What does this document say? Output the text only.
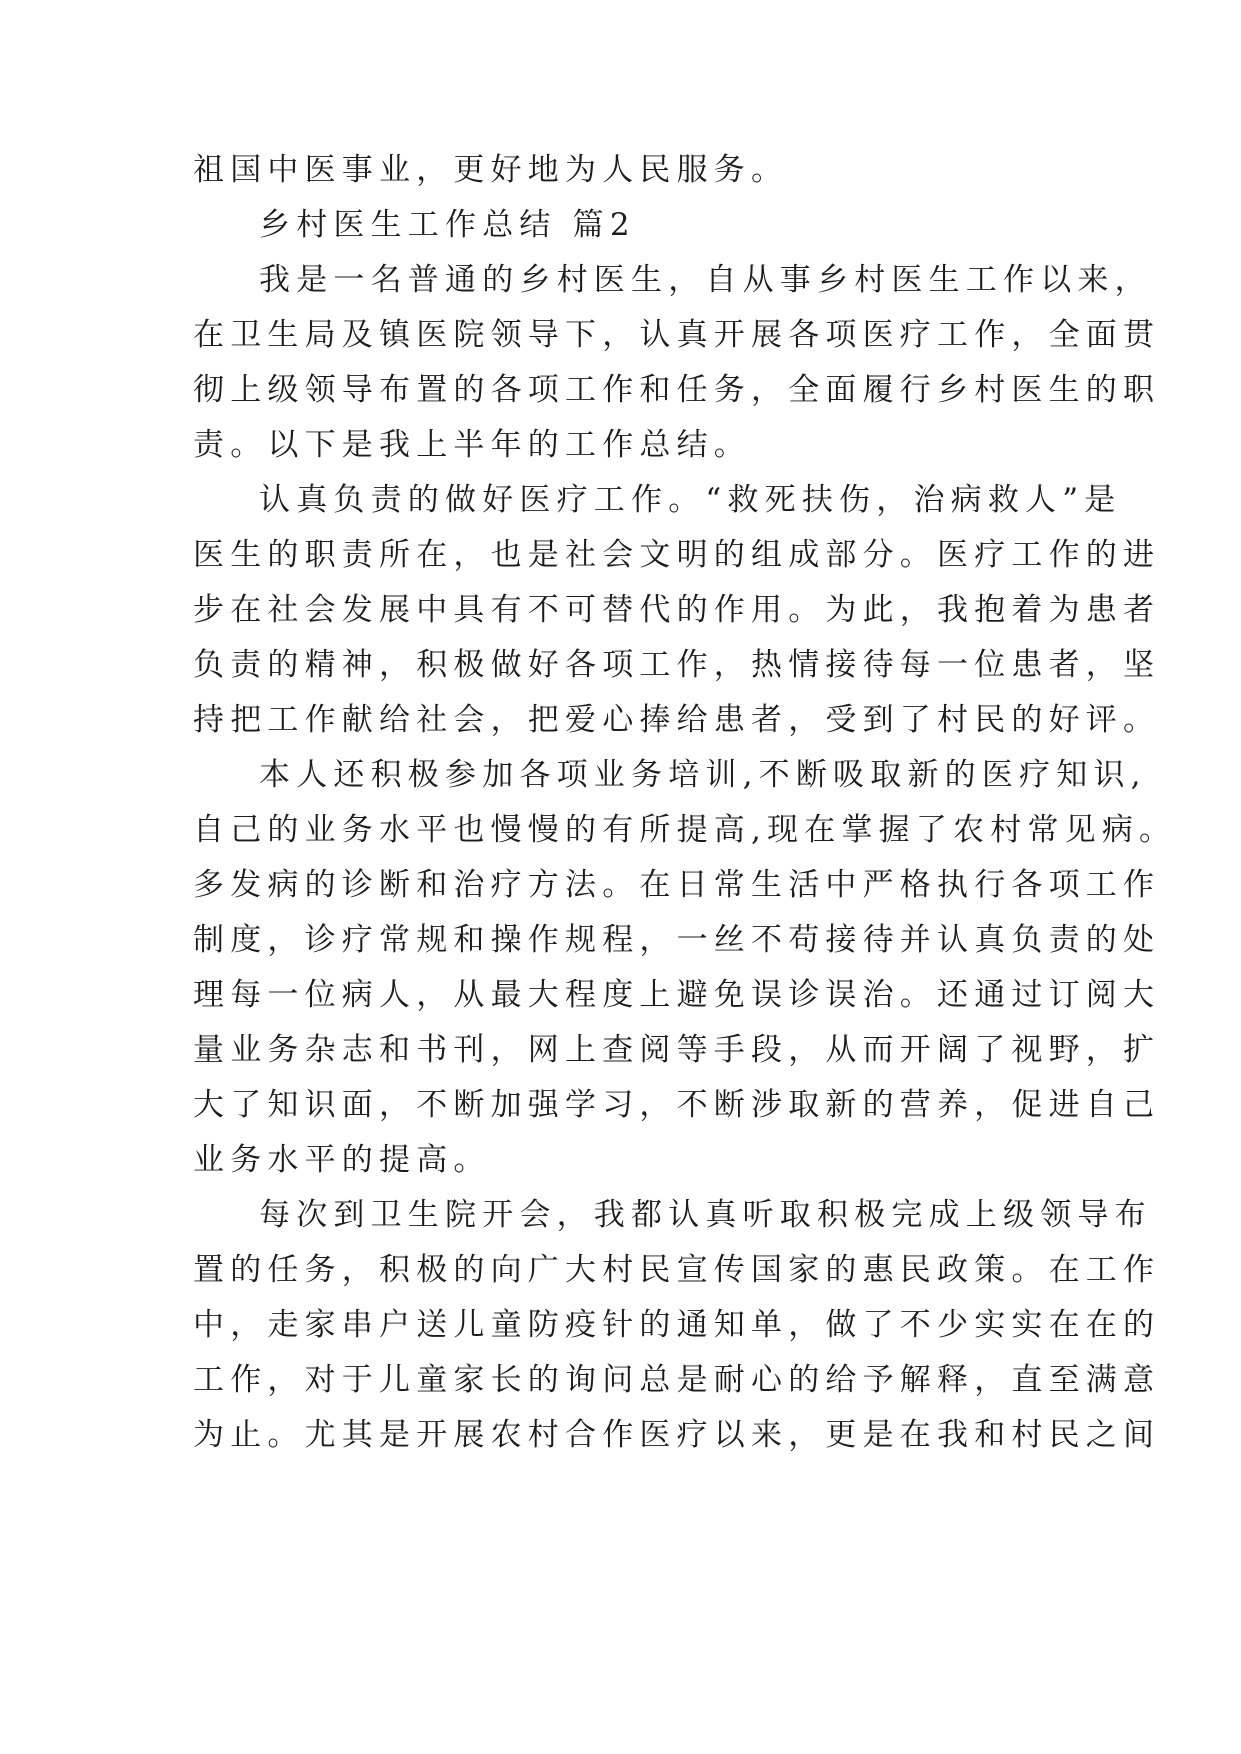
祖国中医事业，更好地为人民服务。
乡村医生工作总结 篇2
我是一名普通的乡村医生，自从事乡村医生工作以来，
在卫生局及镇医院领导下，认真开展各项医疗工作，全面贯
彻上级领导布置的各项工作和任务，全面履行乡村医生的职
责。以下是我上半年的工作总结。
认真负责的做好医疗工作。“救死扶伤，治病救人”是
医生的职责所在，也是社会文明的组成部分。医疗工作的进
步在社会发展中具有不可替代的作用。为此，我抱着为患者
负责的精神，积极做好各项工作，热情接待每一位患者，坚
持把工作献给社会，把爱心捧给患者，受到了村民的好评。
本人还积极参加各项业务培训,不断吸取新的医疗知识,
自己的业务水平也慢慢的有所提高,现在掌握了农村常见病。
多发病的诊断和治疗方法。在日常生活中严格执行各项工作
制度，诊疗常规和操作规程，一丝不苟接待并认真负责的处
理每一位病人，从最大程度上避免误诊误治。还通过订阅大
量业务杂志和书刊，网上查阅等手段，从而开阔了视野，扩
大了知识面，不断加强学习，不断涉取新的营养，促进自己
业务水平的提高。
每次到卫生院开会，我都认真听取积极完成上级领导布
置的任务，积极的向广大村民宣传国家的惠民政策。在工作
中，走家串户送儿童防疫针的通知单，做了不少实实在在的
工作，对于儿童家长的询问总是耐心的给予解释，直至满意
为止。尤其是开展农村合作医疗以来，更是在我和村民之间
